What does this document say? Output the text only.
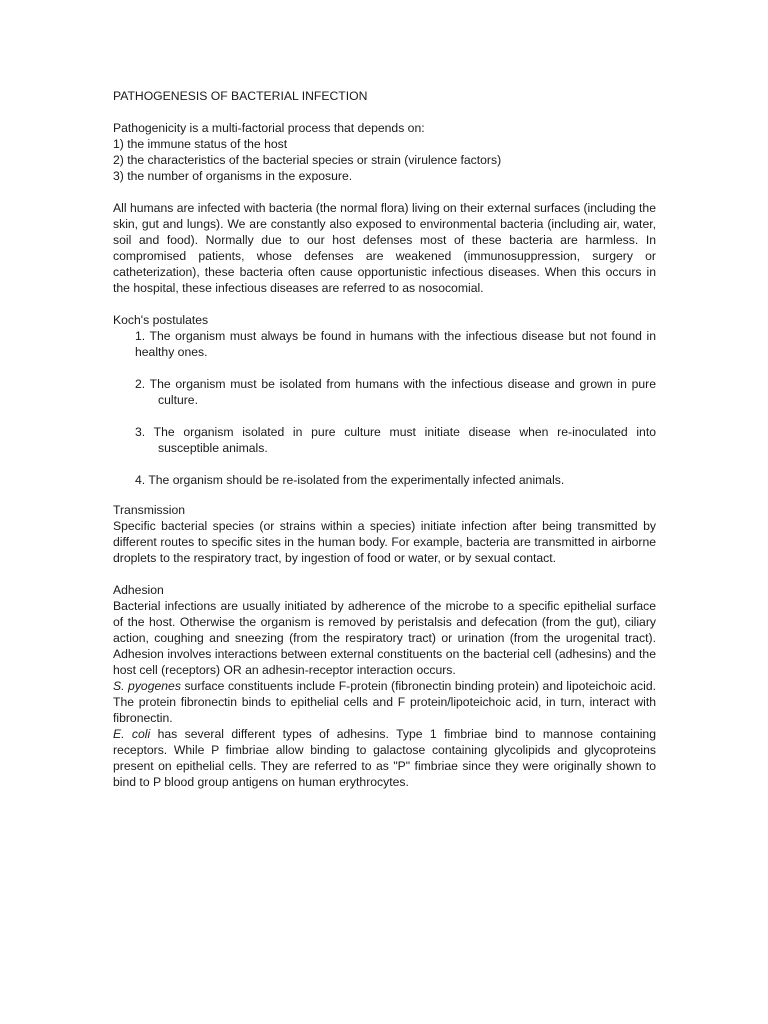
PATHOGENESIS OF BACTERIAL INFECTION
Pathogenicity is a multi-factorial process that depends on:
1) the immune status of the host
2) the characteristics of the bacterial species or strain (virulence factors)
3) the number of organisms in the exposure.
All humans are infected with bacteria (the normal flora) living on their external surfaces (including the skin, gut and lungs). We are constantly also exposed to environmental bacteria (including air, water, soil and food). Normally due to our host defenses most of these bacteria are harmless. In compromised patients, whose defenses are weakened (immunosuppression, surgery or catheterization), these bacteria often cause opportunistic infectious diseases. When this occurs in the hospital, these infectious diseases are referred to as nosocomial.
Koch's postulates
1. The organism must always be found in humans with the infectious disease but not found in healthy ones.
2. The organism must be isolated from humans with the infectious disease and grown in pure culture.
3. The organism isolated in pure culture must initiate disease when re-inoculated into susceptible animals.
4. The organism should be re-isolated from the experimentally infected animals.
Transmission
Specific bacterial species (or strains within a species) initiate infection after being transmitted by different routes to specific sites in the human body. For example, bacteria are transmitted in airborne droplets to the respiratory tract, by ingestion of food or water, or by sexual contact.
Adhesion
Bacterial infections are usually initiated by adherence of the microbe to a specific epithelial surface of the host. Otherwise the organism is removed by peristalsis and defecation (from the gut), ciliary action, coughing and sneezing (from the respiratory tract) or urination (from the urogenital tract). Adhesion involves interactions between external constituents on the bacterial cell (adhesins) and the host cell (receptors) OR an adhesin-receptor interaction occurs.
S. pyogenes surface constituents include F-protein (fibronectin binding protein) and lipoteichoic acid. The protein fibronectin binds to epithelial cells and F protein/lipoteichoic acid, in turn, interact with fibronectin.
E. coli has several different types of adhesins. Type 1 fimbriae bind to mannose containing receptors. While P fimbriae allow binding to galactose containing glycolipids and glycoproteins present on epithelial cells. They are referred to as "P" fimbriae since they were originally shown to bind to P blood group antigens on human erythrocytes.
